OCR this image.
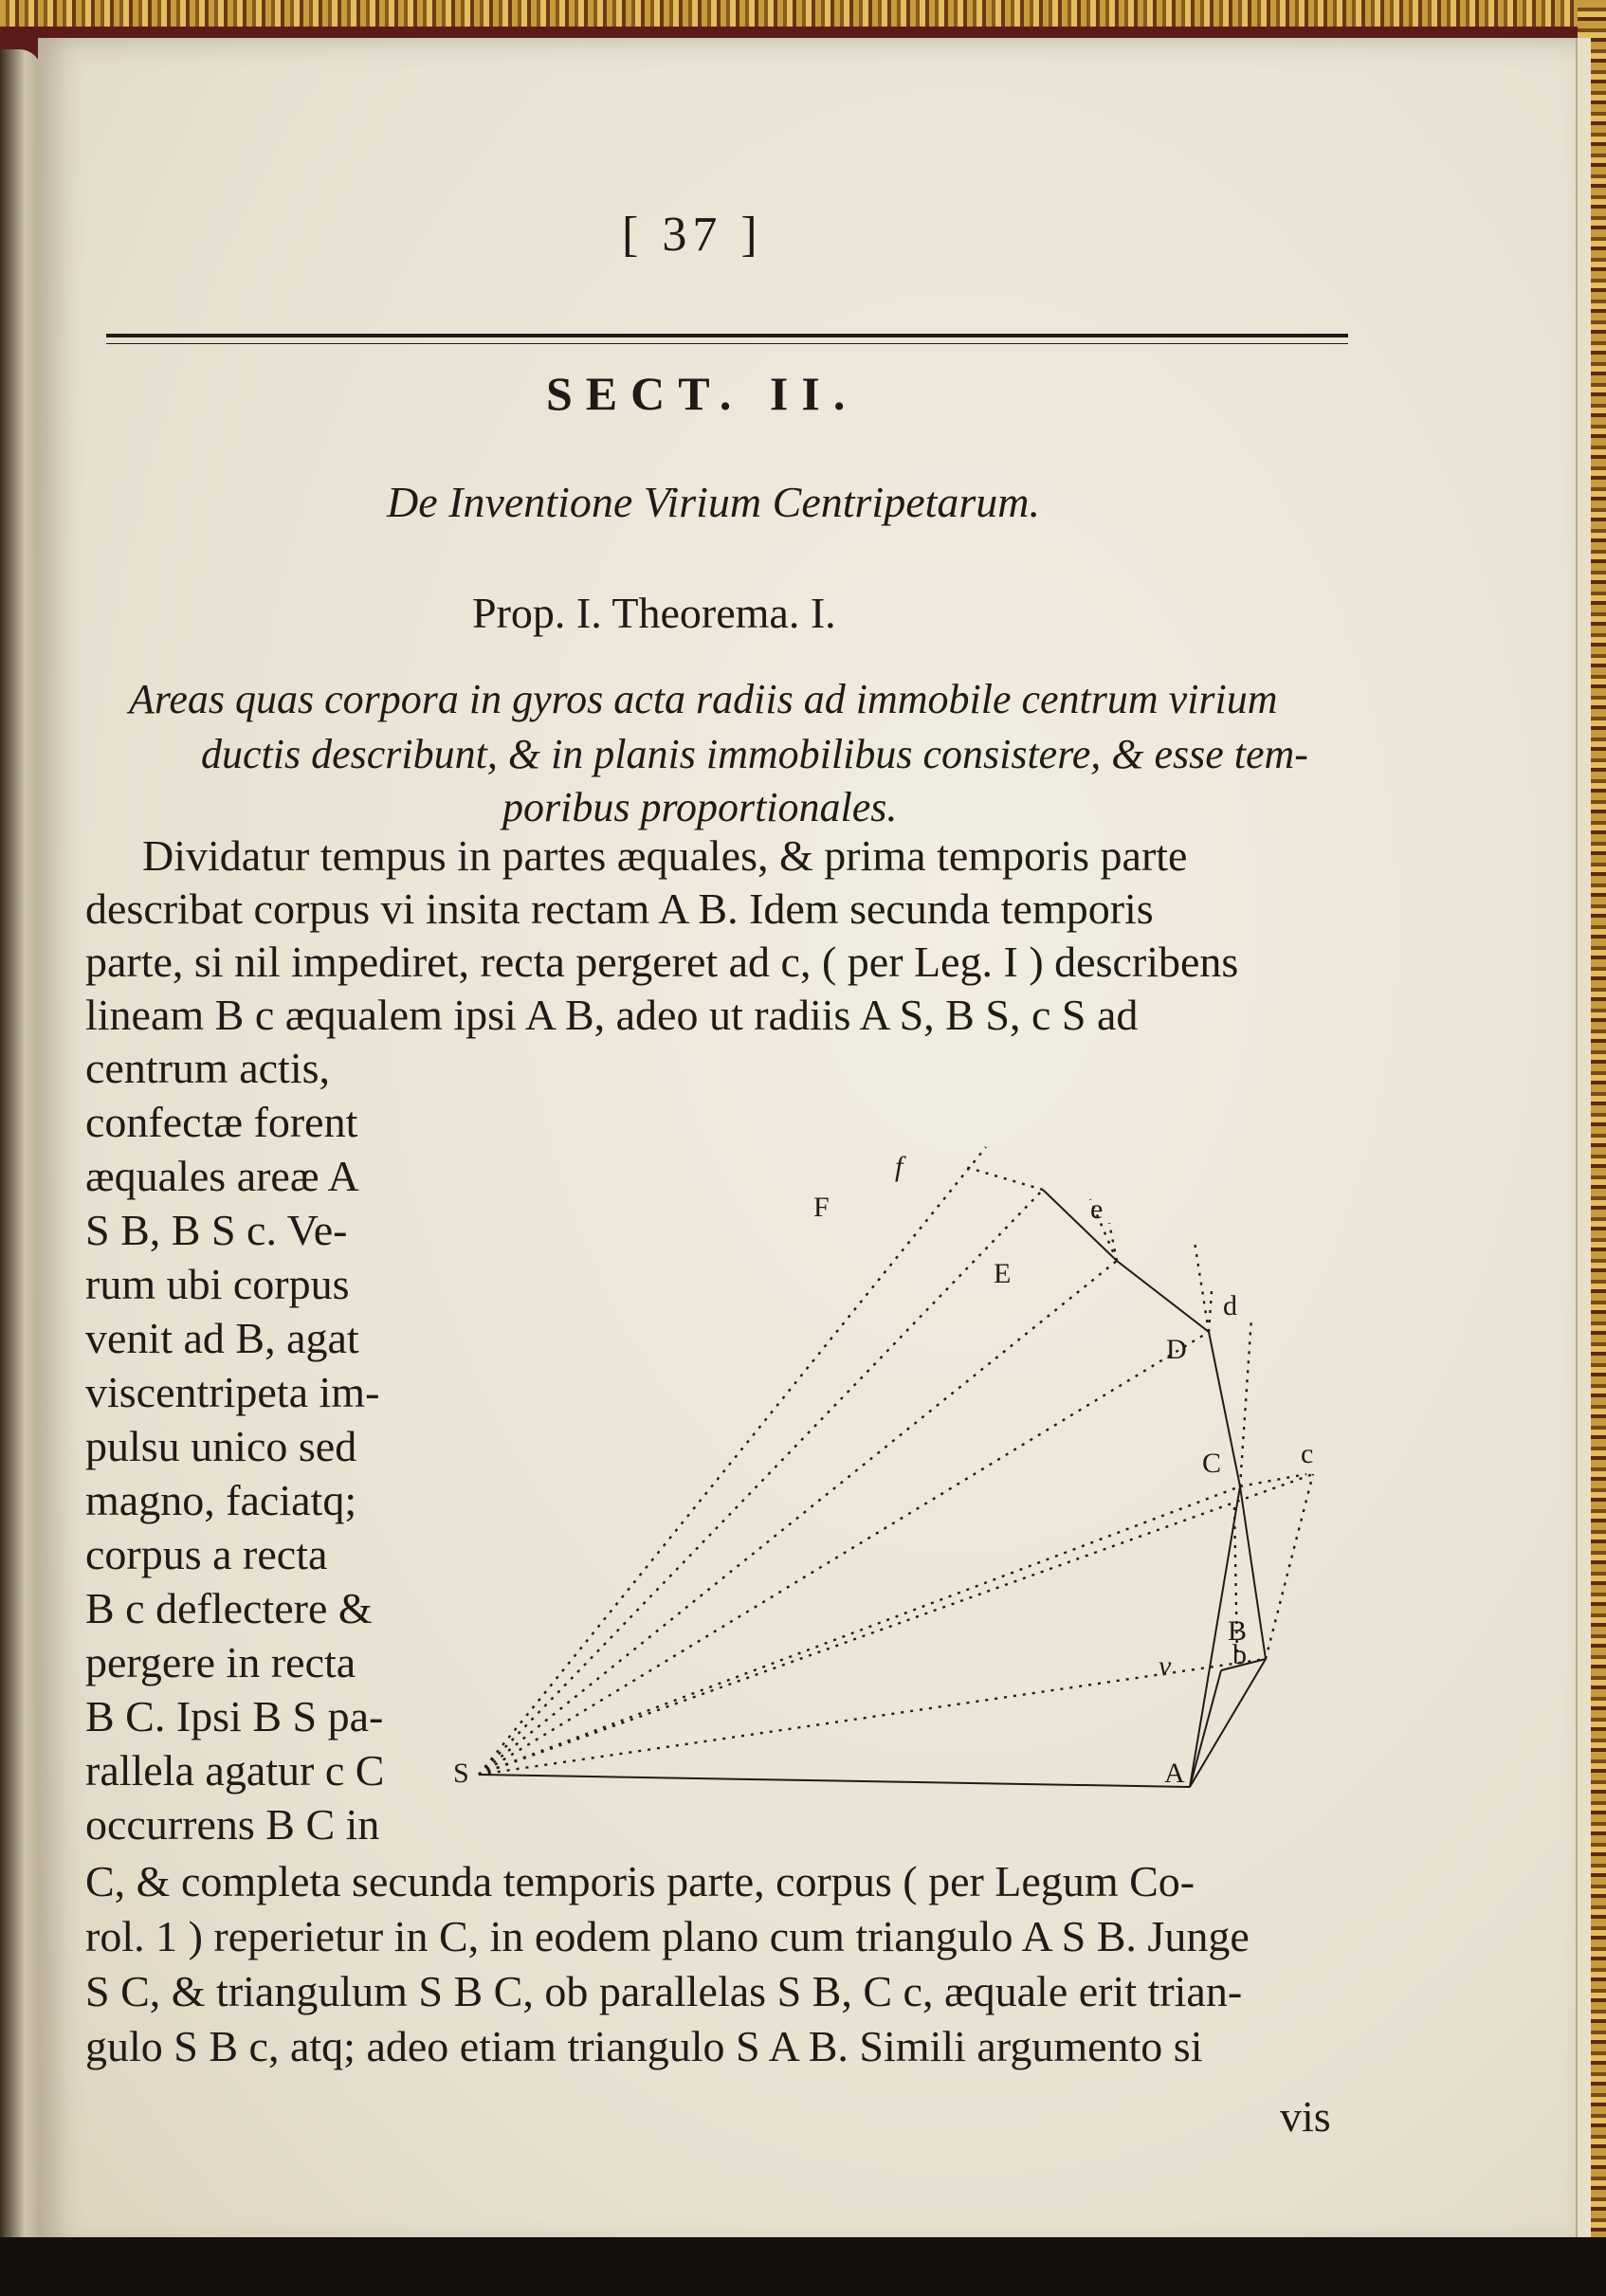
[ 37 ]
SECT. II.
De Inventione Virium Centripetarum.
Prop. I. Theorema. I.
Areas quas corpora in gyros acta radiis ad immobile centrum virium
ductis describunt, & in planis immobilibus consistere, & esse tem-
poribus proportionales.
Dividatur tempus in partes æquales, & prima temporis parte
describat corpus vi insita rectam A B. Idem secunda temporis
parte, si nil impediret, recta pergeret ad c, ( per Leg. I ) describens
lineam B c æqualem ipsi A B, adeo ut radiis A S, B S, c S ad
centrum actis,
confectæ forent
æquales areæ A
S B, B S c. Ve-
rum ubi corpus
venit ad B, agat
viscentripeta im-
pulsu unico sed
magno, faciatq;
corpus a recta
B c deflectere &
pergere in recta
B C. Ipsi B S pa-
rallela agatur c C
occurrens B C in
C, & completa secunda temporis parte, corpus ( per Legum Co-
rol. 1 ) reperietur in C, in eodem plano cum triangulo A S B. Junge
S C, & triangulum S B C, ob parallelas S B, C c, æquale erit trian-
gulo S B c, atq; adeo etiam triangulo S A B. Simili argumento si
vis
S	A
B
b
v
C	c
D
d
E
e
F
f
